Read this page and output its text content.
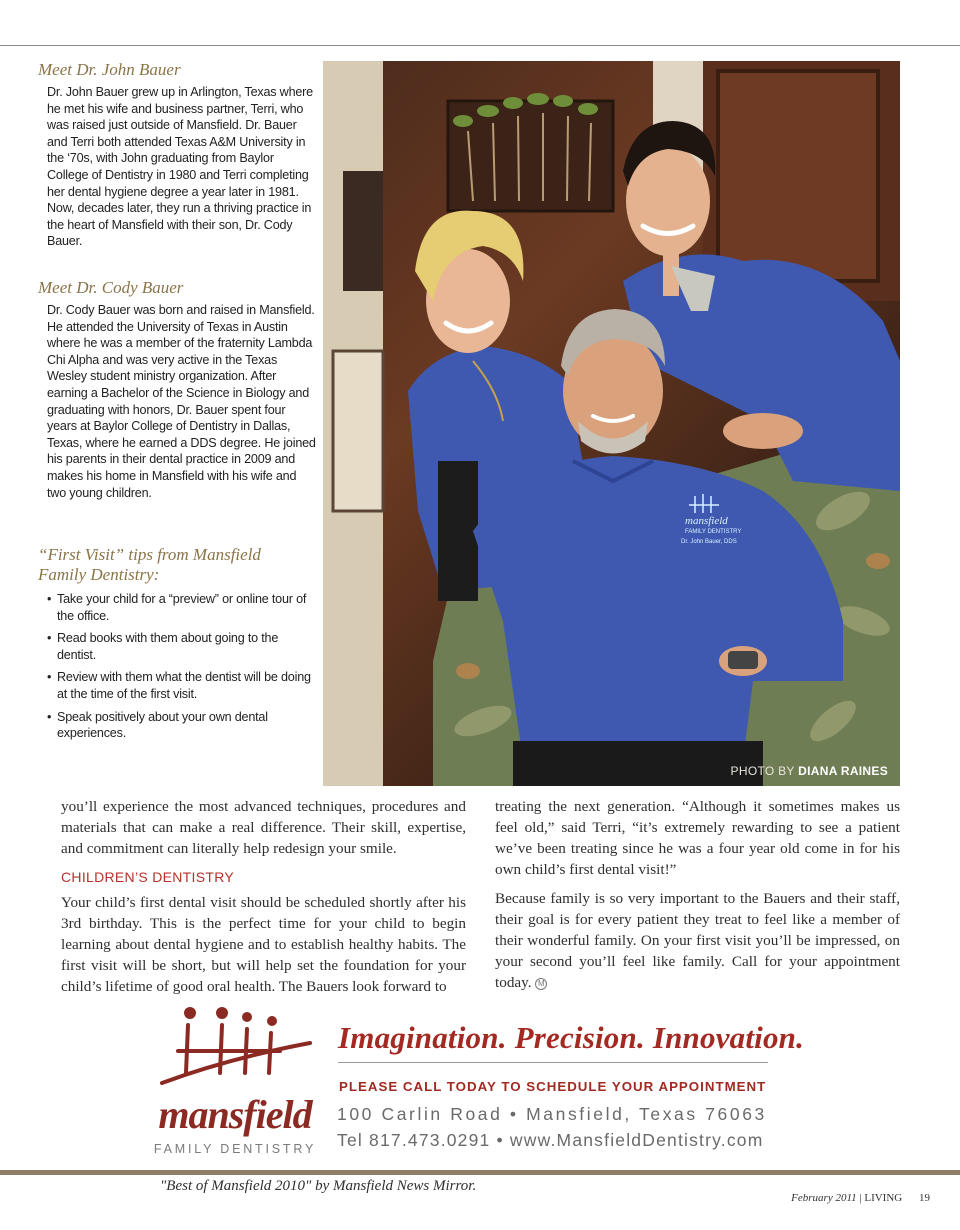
Meet Dr. John Bauer
Dr. John Bauer grew up in Arlington, Texas where he met his wife and business partner, Terri, who was raised just outside of Mansfield. Dr. Bauer and Terri both attended Texas A&M University in the ‘70s, with John graduating from Baylor College of Dentistry in 1980 and Terri completing her dental hygiene degree a year later in 1981. Now, decades later, they run a thriving practice in the heart of Mansfield with their son, Dr. Cody Bauer.
Meet Dr. Cody Bauer
Dr. Cody Bauer was born and raised in Mansfield. He attended the University of Texas in Austin where he was a member of the fraternity Lambda Chi Alpha and was very active in the Texas Wesley student ministry organization. After earning a Bachelor of the Science in Biology and graduating with honors, Dr. Bauer spent four years at Baylor College of Dentistry in Dallas, Texas, where he earned a DDS degree. He joined his parents in their dental practice in 2009 and makes his home in Mansfield with his wife and two young children.
“First Visit” tips from Mansfield Family Dentistry:
• Take your child for a “preview” or online tour of the office.
• Read books with them about going to the dentist.
• Review with them what the dentist will be doing at the time of the first visit.
• Speak positively about your own dental experiences.
mansfield
FAMILY DENTISTRY
Dr. John Bauer, DDS
PHOTO BY DIANA RAINES

you’ll experience the most advanced techniques, procedures and materials that can make a real difference. Their skill, expertise, and commitment can literally help redesign your smile.

CHILDREN’S DENTISTRY

Your child’s first dental visit should be scheduled shortly after his 3rd birthday. This is the perfect time for your child to begin learning about dental hygiene and to establish healthy habits. The first visit will be short, but will help set the foundation for your child’s lifetime of good oral health. The Bauers look forward to

treating the next generation. “Although it sometimes makes us feel old,” said Terri, “it’s extremely rewarding to see a patient we’ve been treating since he was a four year old come in for his own child’s first dental visit!”

Because family is so very important to the Bauers and their staff, their goal is for every patient they treat to feel like a member of their wonderful family. On your first visit you’ll be impressed, on your second you’ll feel like family. Call for your appointment today. M

mansfield
FAMILY DENTISTRY
Imagination. Precision. Innovation.
PLEASE CALL TODAY TO SCHEDULE YOUR APPOINTMENT
100 Carlin Road • Mansfield, Texas 76063
Tel 817.473.0291 • www.MansfieldDentistry.com
"Best of Mansfield 2010" by Mansfield News Mirror.
February 2011 | LIVING 19
